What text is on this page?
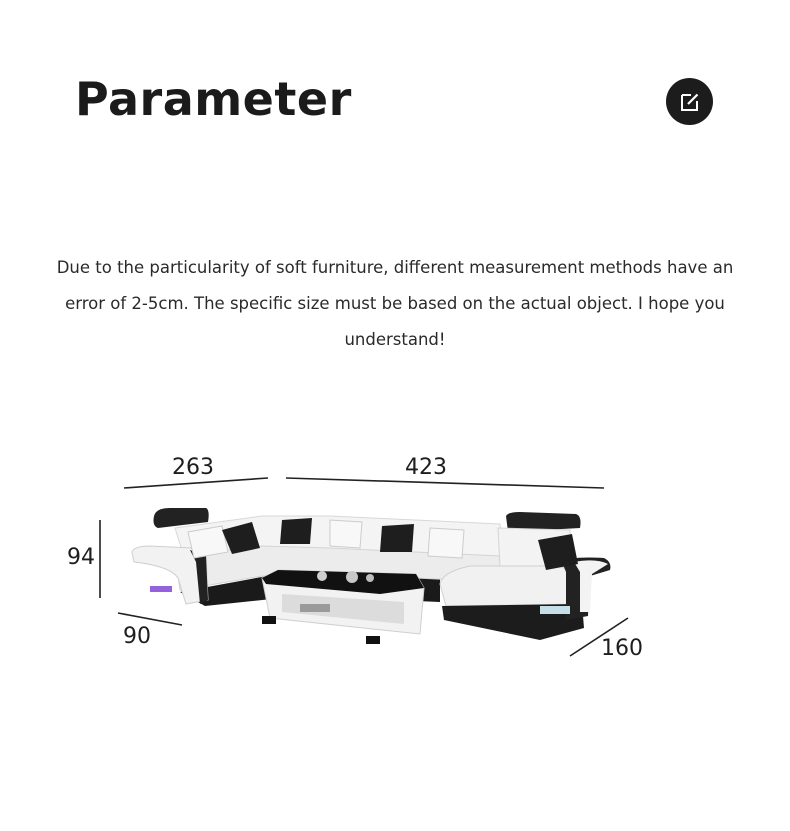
Parameter

Due to the particularity of soft furniture, different measurement methods have an error of 2-5cm. The specific size must be based on the actual object. I hope you understand!

263	423
94
90	160
